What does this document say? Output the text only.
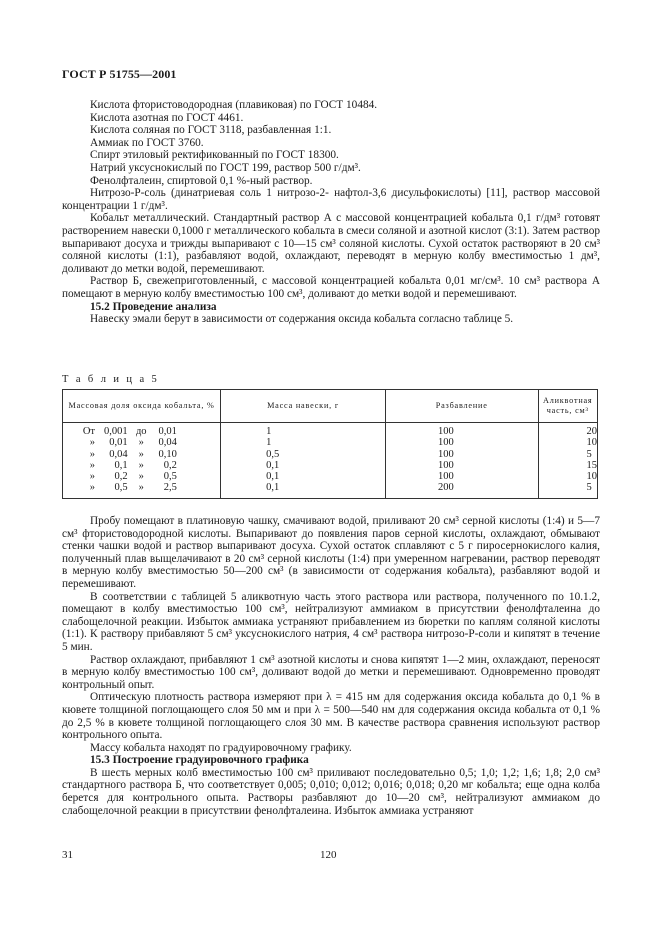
ГОСТ Р 51755—2001

Кислота фтористоводородная (плавиковая) по ГОСТ 10484.

Кислота азотная по ГОСТ 4461.

Кислота соляная по ГОСТ 3118, разбавленная 1:1.

Аммиак по ГОСТ 3760.

Спирт этиловый ректификованный по ГОСТ 18300.

Натрий уксуснокислый по ГОСТ 199, раствор 500 г/дм³.

Фенолфталеин, спиртовой 0,1 %-ный раствор.

Нитрозо-Р-соль (динатриевая соль 1 нитрозо-2- нафтол-3,6 дисульфокислоты) [11], раствор массовой концентрации 1 г/дм³.

Кобальт металлический. Стандартный раствор А с массовой концентрацией кобальта 0,1 г/дм³ готовят растворением навески 0,1000 г металлического кобальта в смеси соляной и азотной кислот (3:1). Затем раствор выпаривают досуха и трижды выпаривают с 10—15 см³ соляной кислоты. Сухой остаток растворяют в 20 см³ соляной кислоты (1:1), разбавляют водой, охлаждают, переводят в мерную колбу вместимостью 1 дм³, доливают до метки водой, перемешивают.

Раствор Б, свежеприготовленный, с массовой концентрацией кобальта 0,01 мг/см³. 10 см³ раствора А помещают в мерную колбу вместимостью 100 см³, доливают до метки водой и перемешивают.

15.2 Проведение анализа

Навеску эмали берут в зависимости от содержания оксида кобальта согласно таблице 5.

Т а б л и ц а 5
Массовая доля оксида кобальта, %	Масса навески, г	Разбавление	Аликвотная часть, см³
От 0,001 до 0,01	1	100	20
» 0,01 » 0,04	1	100	10
» 0,04 » 0,10	0,5	100	5
» 0,1 » 0,2	0,1	100	15
» 0,2 » 0,5	0,1	100	10
» 0,5 » 2,5	0,1	200	5

Пробу помещают в платиновую чашку, смачивают водой, приливают 20 см³ серной кислоты (1:4) и 5—7 см³ фтористоводородной кислоты. Выпаривают до появления паров серной кислоты, охлаждают, обмывают стенки чашки водой и раствор выпаривают досуха. Сухой остаток сплавляют с 5 г пиросернокислого калия, полученный плав выщелачивают в 20 см³ серной кислоты (1:4) при умеренном нагревании, раствор переводят в мерную колбу вместимостью 50—200 см³ (в зависимости от содержания кобальта), разбавляют водой и перемешивают.

В соответствии с таблицей 5 аликвотную часть этого раствора или раствора, полученного по 10.1.2, помещают в колбу вместимостью 100 см³, нейтрализуют аммиаком в присутствии фенолфталеина до слабощелочной реакции. Избыток аммиака устраняют прибавлением из бюретки по каплям соляной кислоты (1:1). К раствору прибавляют 5 см³ уксуснокислого натрия, 4 см³ раствора нитрозо-Р-соли и кипятят в течение 5 мин.

Раствор охлаждают, прибавляют 1 см³ азотной кислоты и снова кипятят 1—2 мин, охлаждают, переносят в мерную колбу вместимостью 100 см³, доливают водой до метки и перемешивают. Одновременно проводят контрольный опыт.

Оптическую плотность раствора измеряют при λ = 415 нм для содержания оксида кобальта до 0,1 % в кювете толщиной поглощающего слоя 50 мм и при λ = 500—540 нм для содержания оксида кобальта от 0,1 % до 2,5 % в кювете толщиной поглощающего слоя 30 мм. В качестве раствора сравнения используют раствор контрольного опыта.

Массу кобальта находят по градуировочному графику.

15.3 Построение градуировочного графика

В шесть мерных колб вместимостью 100 см³ приливают последовательно 0,5; 1,0; 1,2; 1,6; 1,8; 2,0 см³ стандартного раствора Б, что соответствует 0,005; 0,010; 0,012; 0,016; 0,018; 0,20 мг кобальта; еще одна колба берется для контрольного опыта. Растворы разбавляют до 10—20 см³, нейтрализуют аммиаком до слабощелочной реакции в присутствии фенолфталеина. Избыток аммиака устраняют

31	120
